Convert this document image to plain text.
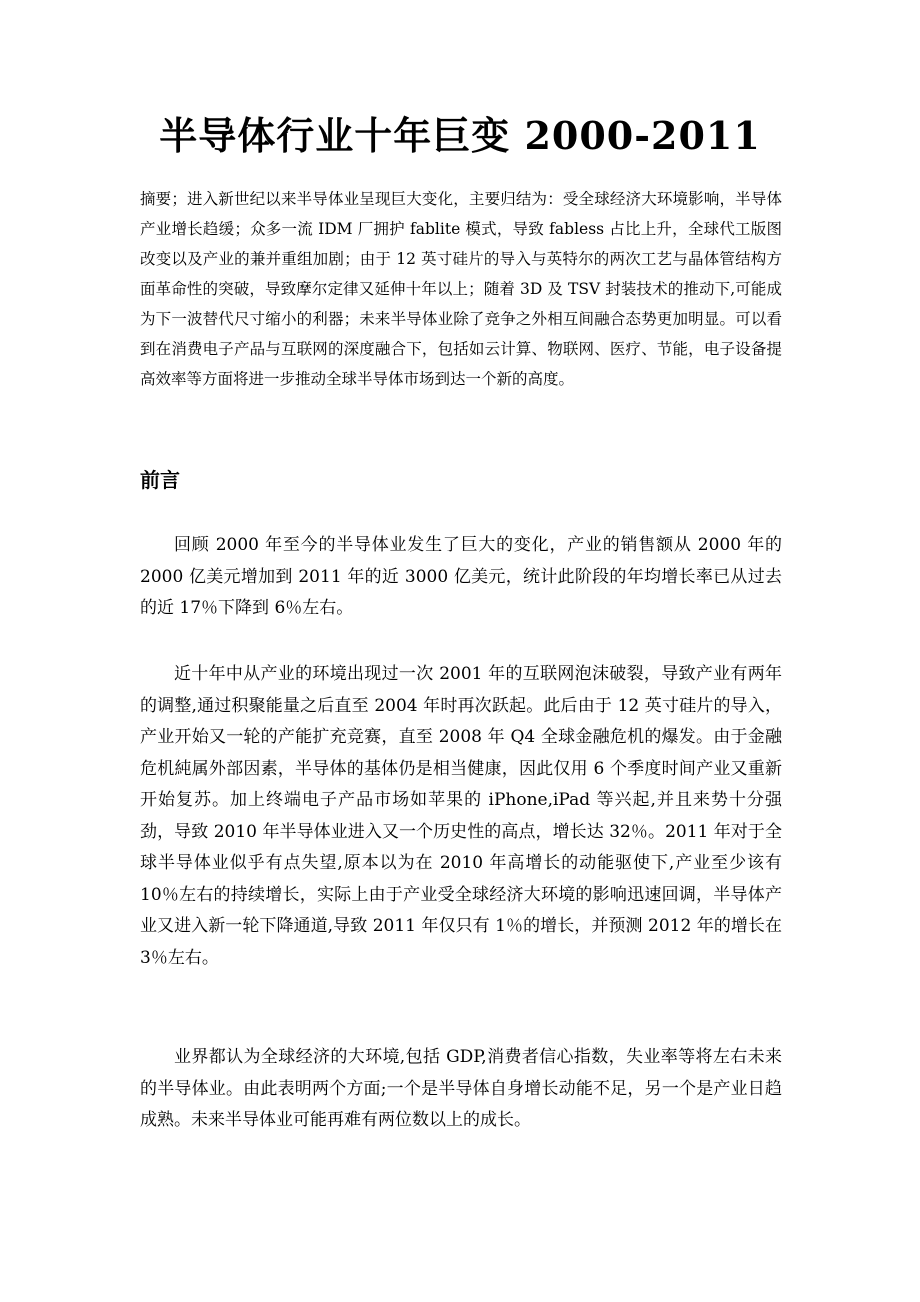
半导体行业十年巨变 2000-2011

摘要；进入新世纪以来半导体业呈现巨大变化，主要归结为：受全球经济大环境影响，半导体产业增长趋缓；众多一流 IDM 厂拥护 fablite 模式，导致 fabless 占比上升，全球代工版图改变以及产业的兼并重组加剧；由于 12 英寸硅片的导入与英特尔的两次工艺与晶体管结构方面革命性的突破，导致摩尔定律又延伸十年以上；随着 3D 及 TSV 封装技术的推动下,可能成为下一波替代尺寸缩小的利器；未来半导体业除了竞争之外相互间融合态势更加明显。可以看到在消费电子产品与互联网的深度融合下，包括如云计算、物联网、医疗、节能，电子设备提高效率等方面将进一步推动全球半导体市场到达一个新的高度。

前言

回顾 2000 年至今的半导体业发生了巨大的变化，产业的销售额从 2000 年的 2000 亿美元增加到 2011 年的近 3000 亿美元，统计此阶段的年均增长率已从过去的近 17％下降到 6％左右。

近十年中从产业的环境出现过一次 2001 年的互联网泡沫破裂，导致产业有两年的调整,通过积聚能量之后直至 2004 年时再次跃起。此后由于 12 英寸硅片的导入，产业开始又一轮的产能扩充竞赛，直至 2008 年 Q4 全球金融危机的爆发。由于金融危机純属外部因素，半导体的基体仍是相当健康，因此仅用 6 个季度时间产业又重新开始复苏。加上终端电子产品市场如苹果的 iPhone,iPad 等兴起,并且来势十分强劲，导致 2010 年半导体业进入又一个历史性的高点，增长达 32％。2011 年对于全球半导体业似乎有点失望,原本以为在 2010 年高增长的动能驱使下,产业至少该有 10％左右的持续增长，实际上由于产业受全球经济大环境的影响迅速回调，半导体产业又进入新一轮下降通道,导致 2011 年仅只有 1％的增长，并预测 2012 年的增长在 3％左右。

业界都认为全球经济的大环境,包括 GDP,消费者信心指数，失业率等将左右未来的半导体业。由此表明两个方面;一个是半导体自身增长动能不足，另一个是产业日趋成熟。未来半导体业可能再难有两位数以上的成长。
